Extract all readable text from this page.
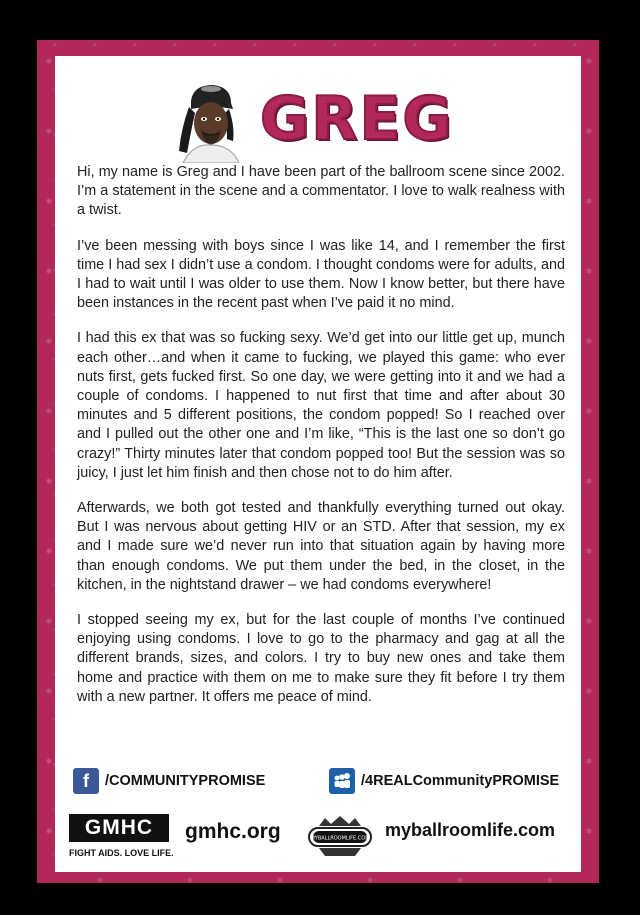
GREG

Hi, my name is Greg and I have been part of the ballroom scene since 2002. I’m a statement in the scene and a commentator. I love to walk realness with a twist.

I’ve been messing with boys since I was like 14, and I remember the first time I had sex I didn’t use a condom. I thought condoms were for adults, and I had to wait until I was older to use them. Now I know better, but there have been instances in the recent past when I’ve paid it no mind.

I had this ex that was so fucking sexy. We’d get into our little get up, munch each other…and when it came to fucking, we played this game: who ever nuts first, gets fucked first. So one day, we were getting into it and we had a couple of condoms. I happened to nut first that time and after about 30 minutes and 5 different positions, the condom popped! So I reached over and I pulled out the other one and I’m like, “This is the last one so don’t go crazy!” Thirty minutes later that condom popped too! But the session was so juicy, I just let him finish and then chose not to do him after.

Afterwards, we both got tested and thankfully everything turned out okay. But I was nervous about getting HIV or an STD. After that session, my ex and I made sure we’d never run into that situation again by having more than enough condoms. We put them under the bed, in the closet, in the kitchen, in the nightstand drawer – we had condoms everywhere!

I stopped seeing my ex, but for the last couple of months I’ve continued enjoying using condoms. I love to go to the pharmacy and gag at all the different brands, sizes, and colors. I try to buy new ones and take them home and practice with them on me to make sure they fit before I try them with a new partner. It offers me peace of mind.

f	/COMMUNITYPROMISE	/4REALCommunityPROMISE
GMHC
FIGHT AIDS. LOVE LIFE.
gmhc.org	MYBALLROOMLIFE.COM myballroomlife.com
